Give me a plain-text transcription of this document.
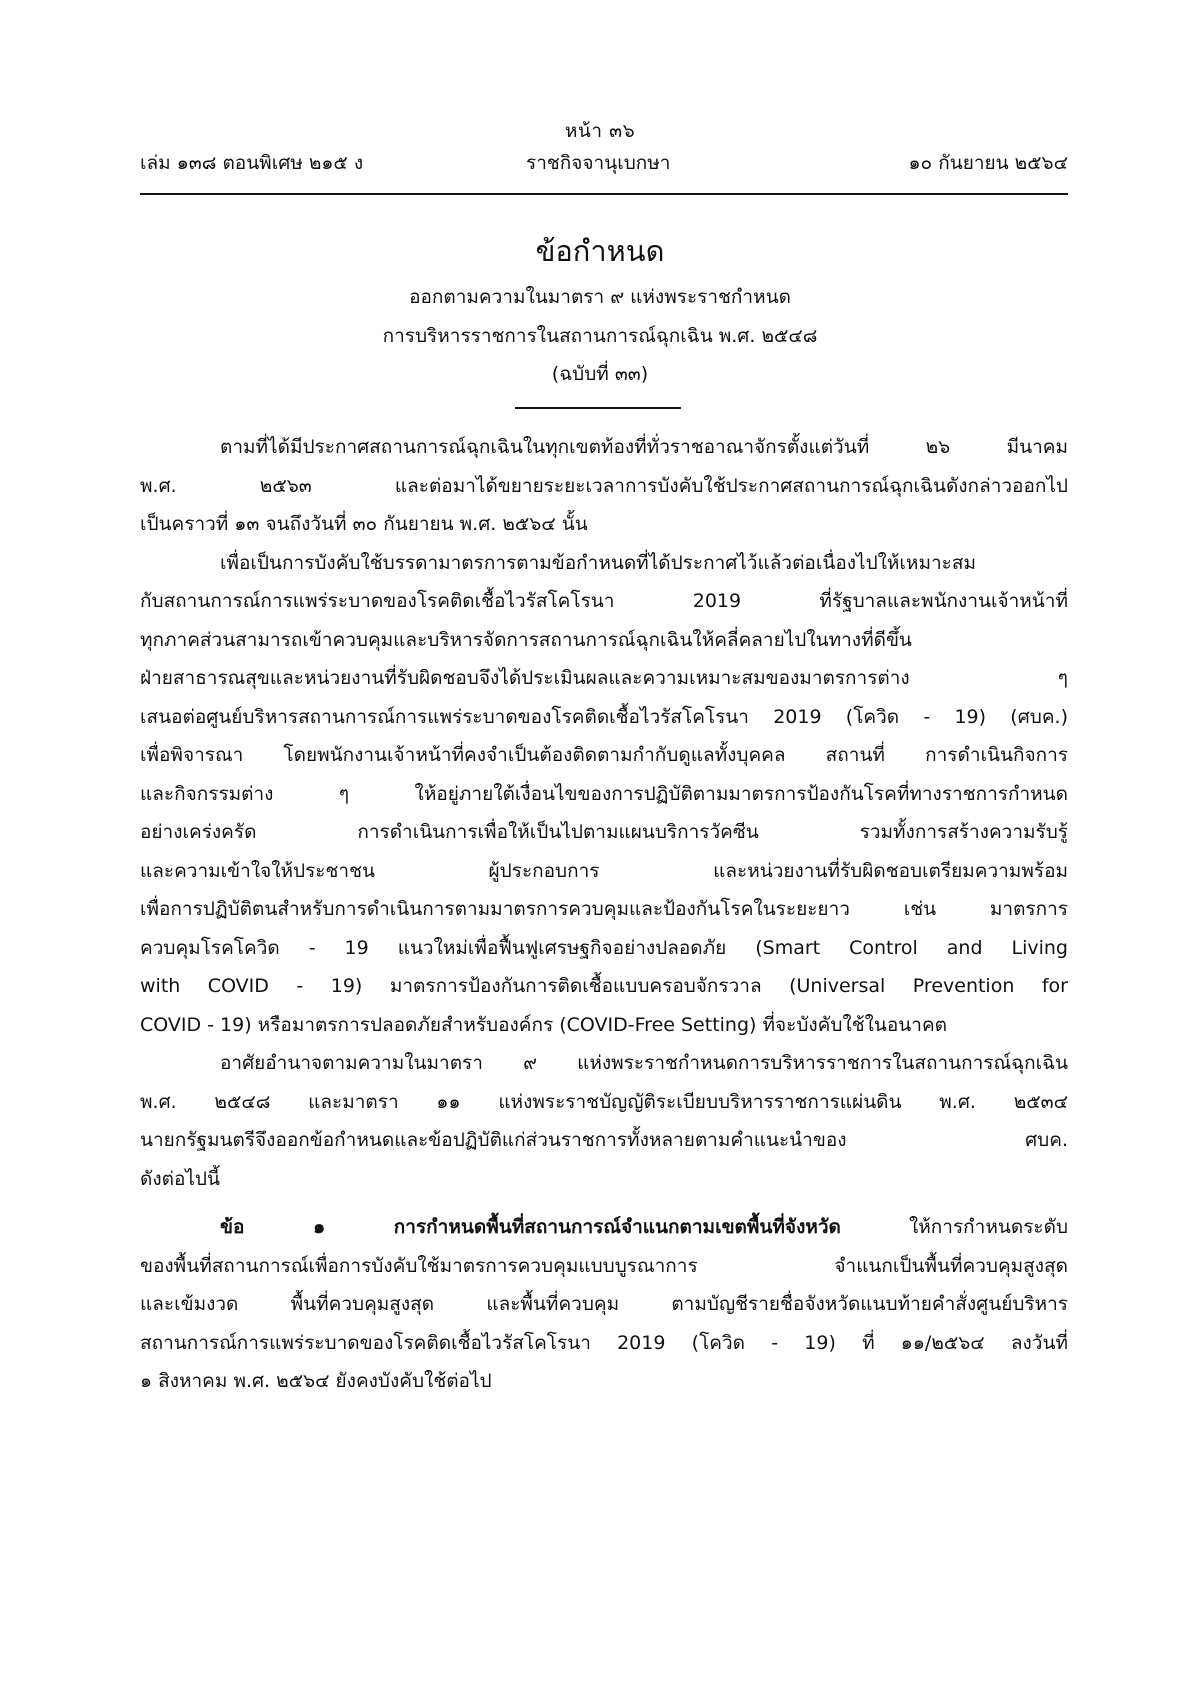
หน้า ๓๖
เล่ม ๑๓๘ ตอนพิเศษ ๒๑๕ ง	ราชกิจจานุเบกษา	๑๐ กันยายน ๒๕๖๔
ข้อกำหนด
ออกตามความในมาตรา ๙ แห่งพระราชกำหนด
การบริหารราชการในสถานการณ์ฉุกเฉิน พ.ศ. ๒๕๔๘
(ฉบับที่ ๓๓)
ตามที่ได้มีประกาศสถานการณ์ฉุกเฉินในทุกเขตท้องที่ทั่วราชอาณาจักรตั้งแต่วันที่ ๒๖ มีนาคม
พ.ศ. ๒๕๖๓ และต่อมาได้ขยายระยะเวลาการบังคับใช้ประกาศสถานการณ์ฉุกเฉินดังกล่าวออกไป
เป็นคราวที่ ๑๓ จนถึงวันที่ ๓๐ กันยายน พ.ศ. ๒๕๖๔ นั้น
เพื่อเป็นการบังคับใช้บรรดามาตรการตามข้อกำหนดที่ได้ประกาศไว้แล้วต่อเนื่องไปให้เหมาะสม
กับสถานการณ์การแพร่ระบาดของโรคติดเชื้อไวรัสโคโรนา 2019 ที่รัฐบาลและพนักงานเจ้าหน้าที่
ทุกภาคส่วนสามารถเข้าควบคุมและบริหารจัดการสถานการณ์ฉุกเฉินให้คลี่คลายไปในทางที่ดีขึ้น
ฝ่ายสาธารณสุขและหน่วยงานที่รับผิดชอบจึงได้ประเมินผลและความเหมาะสมของมาตรการต่าง ๆ
เสนอต่อศูนย์บริหารสถานการณ์การแพร่ระบาดของโรคติดเชื้อไวรัสโคโรนา 2019 (โควิด - 19) (ศบค.)
เพื่อพิจารณา โดยพนักงานเจ้าหน้าที่คงจำเป็นต้องติดตามกำกับดูแลทั้งบุคคล สถานที่ การดำเนินกิจการ
และกิจกรรมต่าง ๆ ให้อยู่ภายใต้เงื่อนไขของการปฏิบัติตามมาตรการป้องกันโรคที่ทางราชการกำหนด
อย่างเคร่งครัด การดำเนินการเพื่อให้เป็นไปตามแผนบริการวัคซีน รวมทั้งการสร้างความรับรู้
และความเข้าใจให้ประชาชน ผู้ประกอบการ และหน่วยงานที่รับผิดชอบเตรียมความพร้อม
เพื่อการปฏิบัติตนสำหรับการดำเนินการตามมาตรการควบคุมและป้องกันโรคในระยะยาว เช่น มาตรการ
ควบคุมโรคโควิด - 19 แนวใหม่เพื่อฟื้นฟูเศรษฐกิจอย่างปลอดภัย (Smart Control and Living
with COVID - 19) มาตรการป้องกันการติดเชื้อแบบครอบจักรวาล (Universal Prevention for
COVID - 19) หรือมาตรการปลอดภัยสำหรับองค์กร (COVID-Free Setting) ที่จะบังคับใช้ในอนาคต
อาศัยอำนาจตามความในมาตรา ๙ แห่งพระราชกำหนดการบริหารราชการในสถานการณ์ฉุกเฉิน
พ.ศ. ๒๕๔๘ และมาตรา ๑๑ แห่งพระราชบัญญัติระเบียบบริหารราชการแผ่นดิน พ.ศ. ๒๕๓๔
นายกรัฐมนตรีจึงออกข้อกำหนดและข้อปฏิบัติแก่ส่วนราชการทั้งหลายตามคำแนะนำของ ศบค.
ดังต่อไปนี้
ข้อ ๑ การกำหนดพื้นที่สถานการณ์จำแนกตามเขตพื้นที่จังหวัด	ให้การกำหนดระดับ
ของพื้นที่สถานการณ์เพื่อการบังคับใช้มาตรการควบคุมแบบบูรณาการ จำแนกเป็นพื้นที่ควบคุมสูงสุด
และเข้มงวด พื้นที่ควบคุมสูงสุด และพื้นที่ควบคุม ตามบัญชีรายชื่อจังหวัดแนบท้ายคำสั่งศูนย์บริหาร
สถานการณ์การแพร่ระบาดของโรคติดเชื้อไวรัสโคโรนา 2019 (โควิด - 19) ที่ ๑๑/๒๕๖๔ ลงวันที่
๑ สิงหาคม พ.ศ. ๒๕๖๔ ยังคงบังคับใช้ต่อไป
